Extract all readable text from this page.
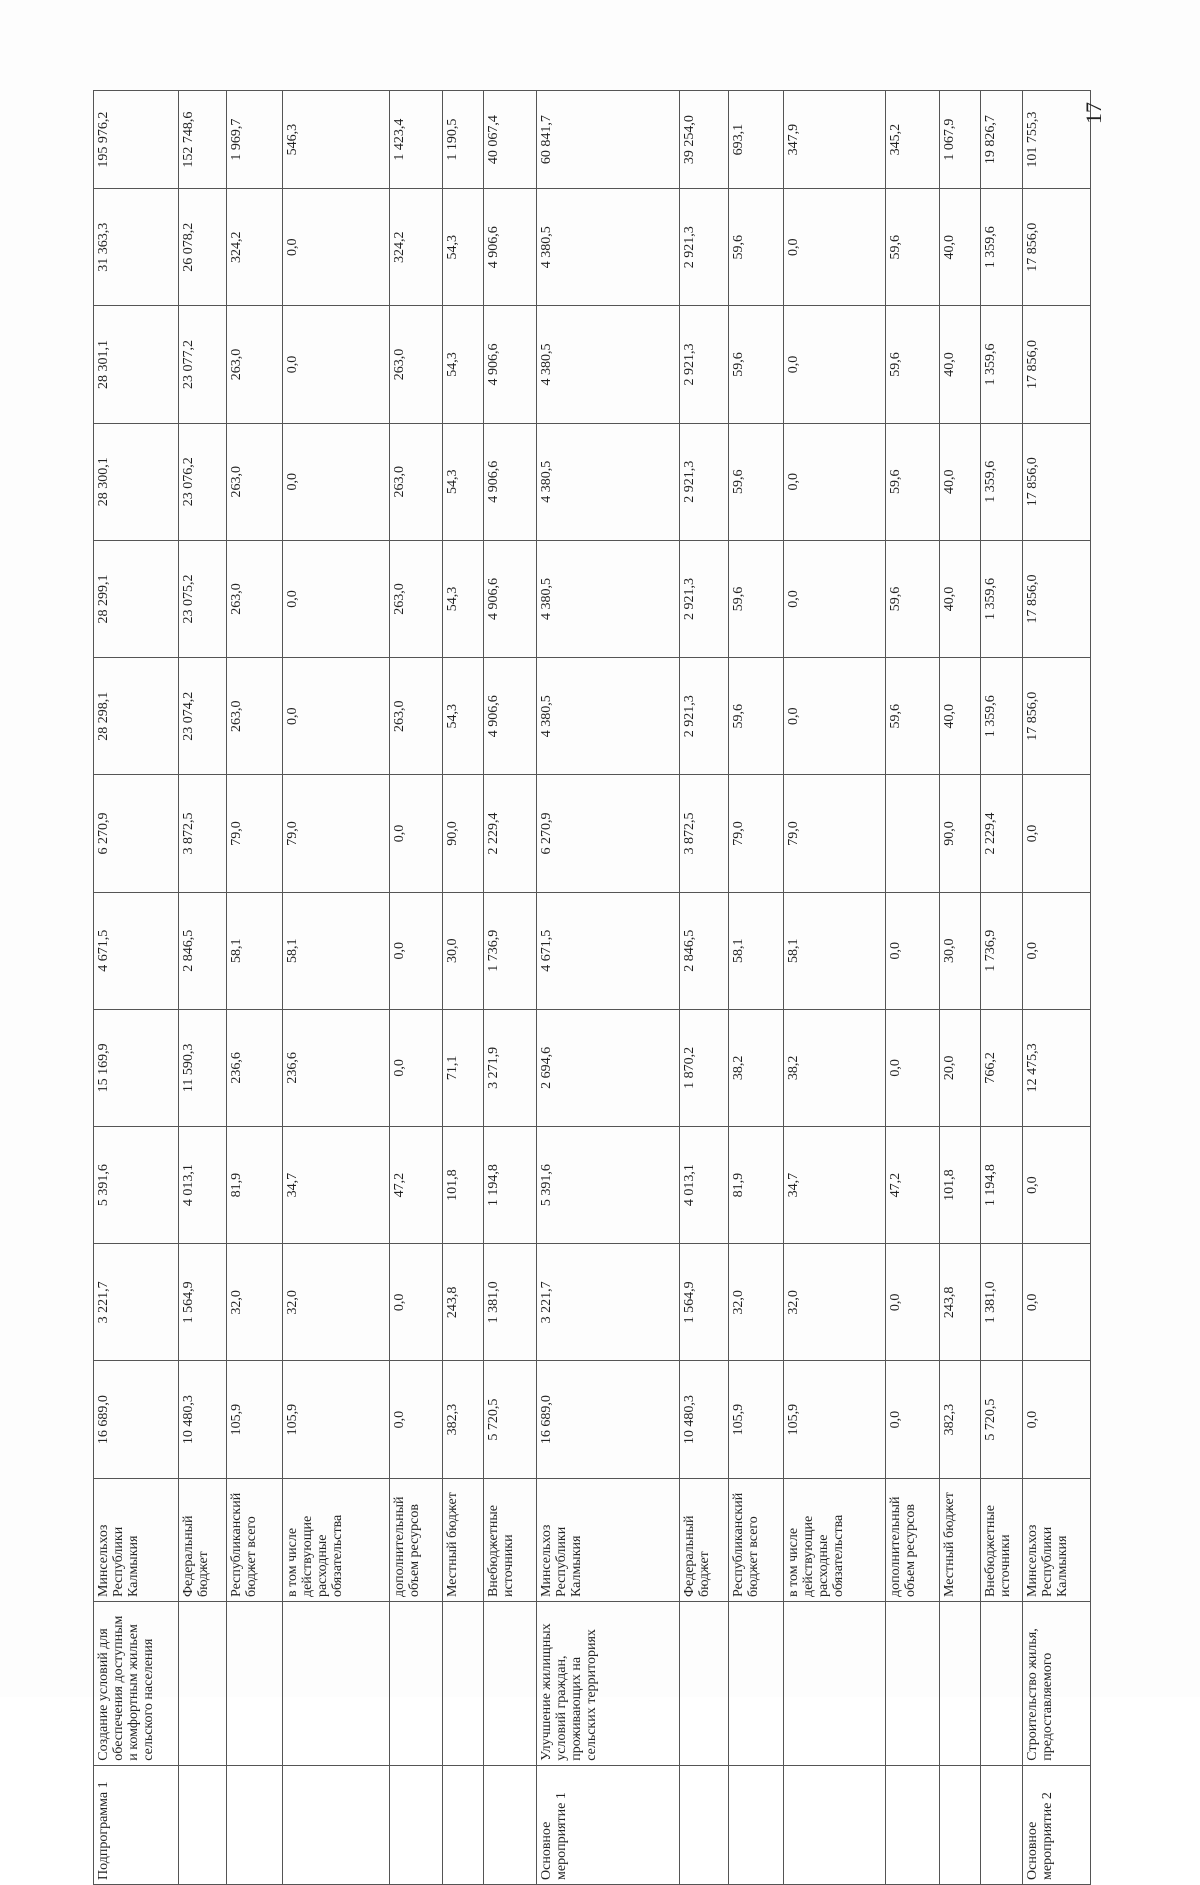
Подпрограмма 1	Создание условий для обеспечения доступным и комфортным жильем сельского населения	Минсельхоз Республики Калмыкия	16 689,0	3 221,7	5 391,6	15 169,9	4 671,5	6 270,9	28 298,1	28 299,1	28 300,1	28 301,1	31 363,3	195 976,2
		Федеральный бюджет	10 480,3	1 564,9	4 013,1	11 590,3	2 846,5	3 872,5	23 074,2	23 075,2	23 076,2	23 077,2	26 078,2	152 748,6
		Республиканский бюджет всего	105,9	32,0	81,9	236,6	58,1	79,0	263,0	263,0	263,0	263,0	324,2	1 969,7
		в том числе действующие расходные обязательства	105,9	32,0	34,7	236,6	58,1	79,0	0,0	0,0	0,0	0,0	0,0	546,3
		дополнительный объем ресурсов	0,0	0,0	47,2	0,0	0,0	0,0	263,0	263,0	263,0	263,0	324,2	1 423,4
		Местный бюджет	382,3	243,8	101,8	71,1	30,0	90,0	54,3	54,3	54,3	54,3	54,3	1 190,5
		Внебюджетные источники	5 720,5	1 381,0	1 194,8	3 271,9	1 736,9	2 229,4	4 906,6	4 906,6	4 906,6	4 906,6	4 906,6	40 067,4
Основное мероприятие 1	Улучшение жилищных условий граждан, проживающих на сельских территориях	Минсельхоз Республики Калмыкия	16 689,0	3 221,7	5 391,6	2 694,6	4 671,5	6 270,9	4 380,5	4 380,5	4 380,5	4 380,5	4 380,5	60 841,7
		Федеральный бюджет	10 480,3	1 564,9	4 013,1	1 870,2	2 846,5	3 872,5	2 921,3	2 921,3	2 921,3	2 921,3	2 921,3	39 254,0
		Республиканский бюджет всего	105,9	32,0	81,9	38,2	58,1	79,0	59,6	59,6	59,6	59,6	59,6	693,1
		в том числе действующие расходные обязательства	105,9	32,0	34,7	38,2	58,1	79,0	0,0	0,0	0,0	0,0	0,0	347,9
		дополнительный объем ресурсов	0,0	0,0	47,2	0,0	0,0		59,6	59,6	59,6	59,6	59,6	345,2
		Местный бюджет	382,3	243,8	101,8	20,0	30,0	90,0	40,0	40,0	40,0	40,0	40,0	1 067,9
		Внебюджетные источники	5 720,5	1 381,0	1 194,8	766,2	1 736,9	2 229,4	1 359,6	1 359,6	1 359,6	1 359,6	1 359,6	19 826,7
Основное мероприятие 2	Строительство жилья, предоставляемого	Минсельхоз Республики Калмыкия	0,0	0,0	0,0	12 475,3	0,0	0,0	17 856,0	17 856,0	17 856,0	17 856,0	17 856,0	101 755,3 17
